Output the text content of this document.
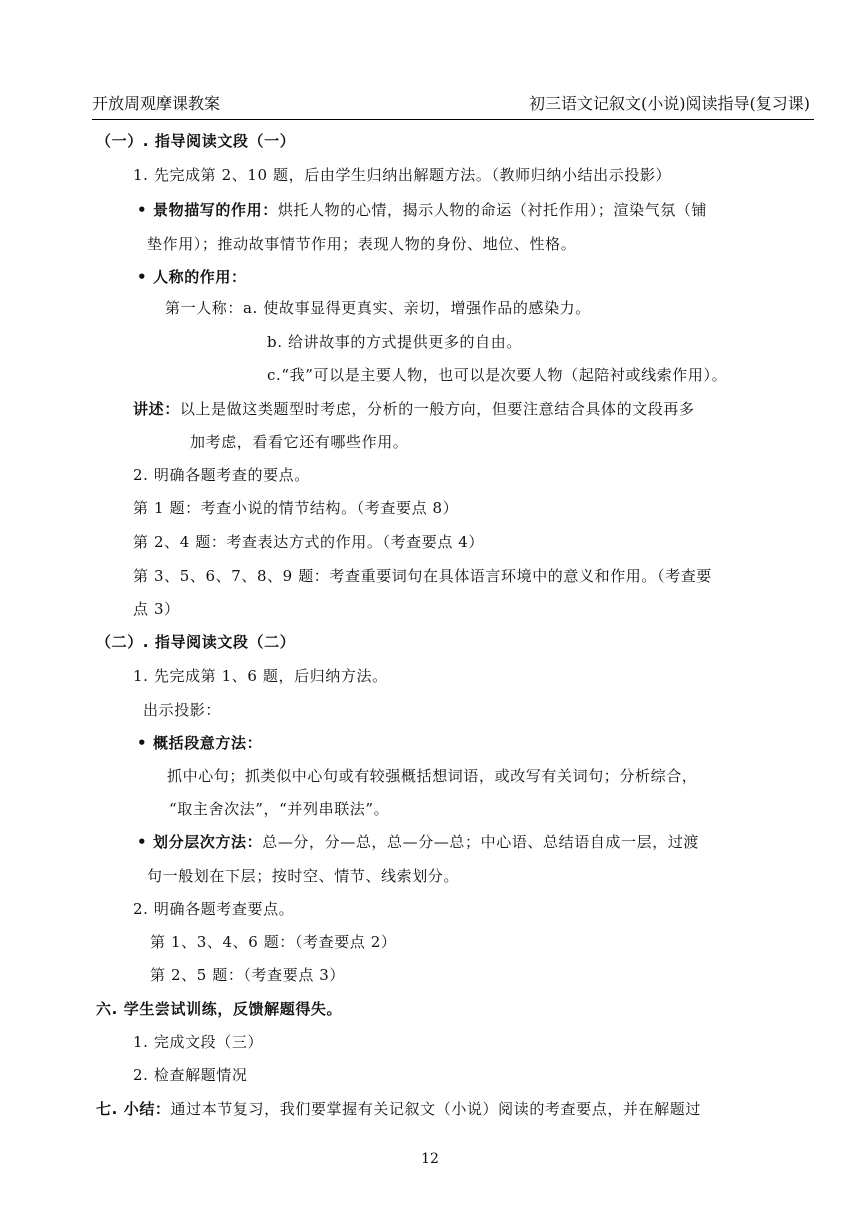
开放周观摩课教案	初三语文记叙文(小说)阅读指导(复习课)
（一）. 指导阅读文段（一）
1. 先完成第 2、10 题，后由学生归纳出解题方法。（教师归纳小结出示投影）
• 景物描写的作用：烘托人物的心情，揭示人物的命运（衬托作用）；渲染气氛（铺
垫作用）；推动故事情节作用；表现人物的身份、地位、性格。
• 人称的作用：
第一人称：a. 使故事显得更真实、亲切，增强作品的感染力。
b. 给讲故事的方式提供更多的自由。
c.“我”可以是主要人物，也可以是次要人物（起陪衬或线索作用）。
讲述：以上是做这类题型时考虑，分析的一般方向，但要注意结合具体的文段再多
加考虑，看看它还有哪些作用。
2. 明确各题考查的要点。
第 1 题：考查小说的情节结构。（考查要点 8）
第 2、4 题：考查表达方式的作用。（考查要点 4）
第 3、5、6、7、8、9 题：考查重要词句在具体语言环境中的意义和作用。（考查要
点 3）
（二）. 指导阅读文段（二）
1. 先完成第 1、6 题，后归纳方法。
出示投影：
• 概括段意方法：
抓中心句；抓类似中心句或有较强概括想词语，或改写有关词句；分析综合，
“取主舍次法”，“并列串联法”。
• 划分层次方法：总—分，分—总，总—分—总；中心语、总结语自成一层，过渡
句一般划在下层；按时空、情节、线索划分。
2. 明确各题考查要点。
第 1、3、4、6 题：（考查要点 2）
第 2、5 题：（考查要点 3）
六. 学生尝试训练，反馈解题得失。
1. 完成文段（三）
2. 检查解题情况
七. 小结：通过本节复习，我们要掌握有关记叙文（小说）阅读的考查要点，并在解题过
12
